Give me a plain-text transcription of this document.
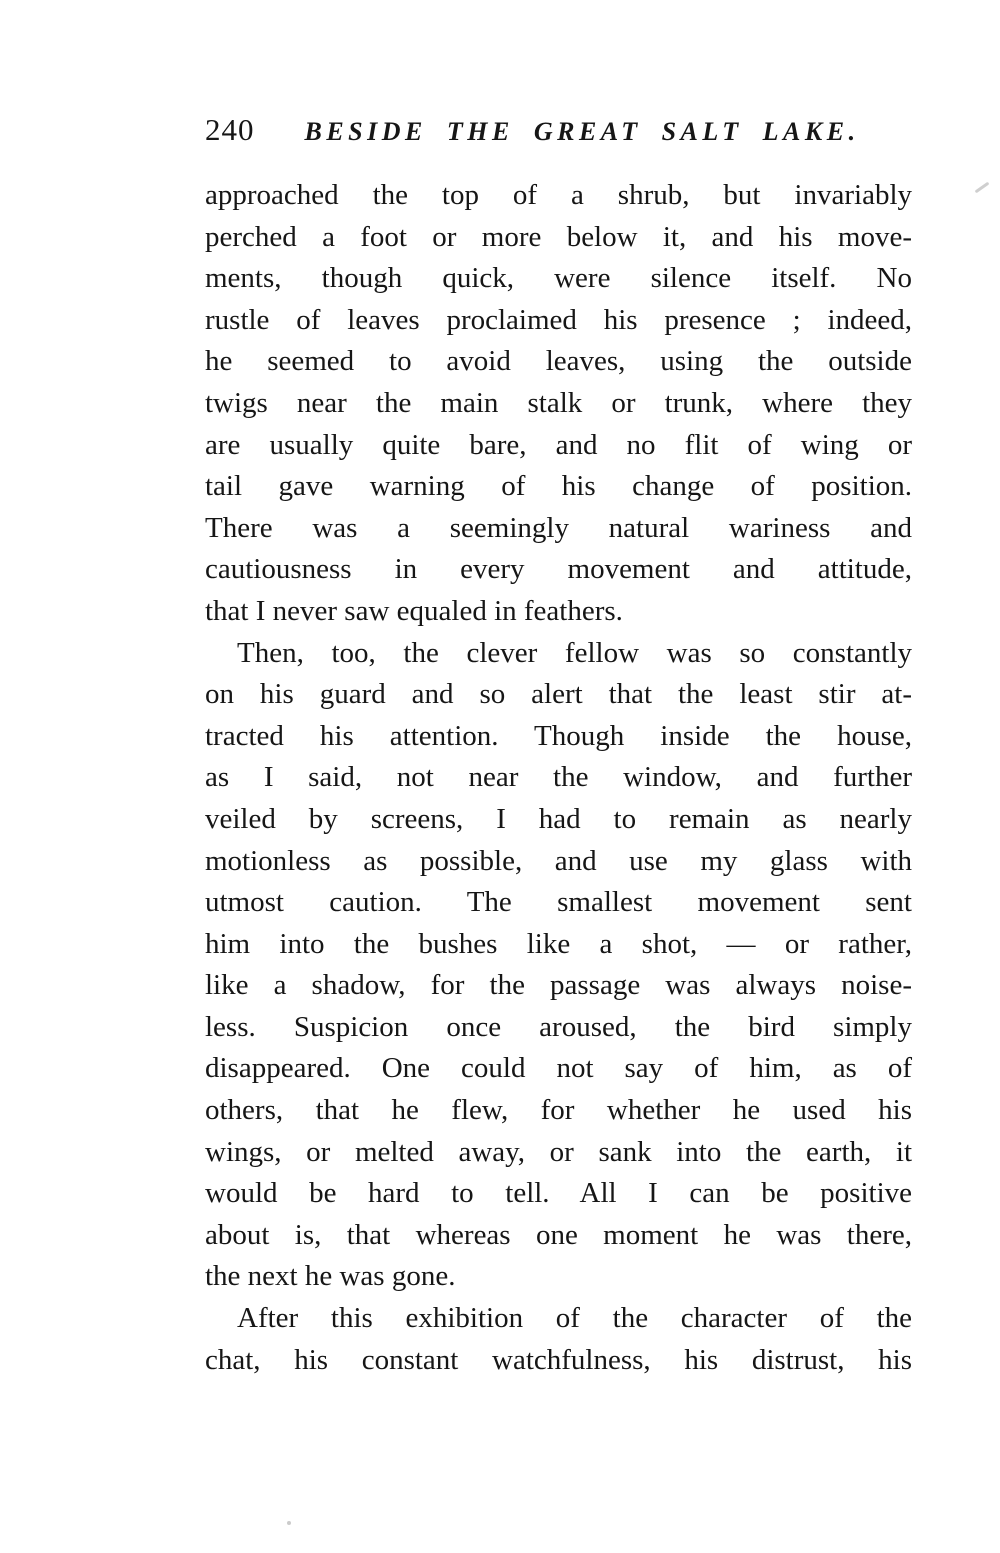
240 BESIDE THE GREAT SALT LAKE.
approached the top of a shrub, but invariably
perched a foot or more below it, and his move-
ments, though quick, were silence itself. No
rustle of leaves proclaimed his presence ; indeed,
he seemed to avoid leaves, using the outside
twigs near the main stalk or trunk, where they
are usually quite bare, and no flit of wing or
tail gave warning of his change of position.
There was a seemingly natural wariness and
cautiousness in every movement and attitude,
that I never saw equaled in feathers.
Then, too, the clever fellow was so constantly
on his guard and so alert that the least stir at-
tracted his attention. Though inside the house,
as I said, not near the window, and further
veiled by screens, I had to remain as nearly
motionless as possible, and use my glass with
utmost caution. The smallest movement sent
him into the bushes like a shot, — or rather,
like a shadow, for the passage was always noise-
less. Suspicion once aroused, the bird simply
disappeared. One could not say of him, as of
others, that he flew, for whether he used his
wings, or melted away, or sank into the earth, it
would be hard to tell. All I can be positive
about is, that whereas one moment he was there,
the next he was gone.
After this exhibition of the character of the
chat, his constant watchfulness, his distrust, his
